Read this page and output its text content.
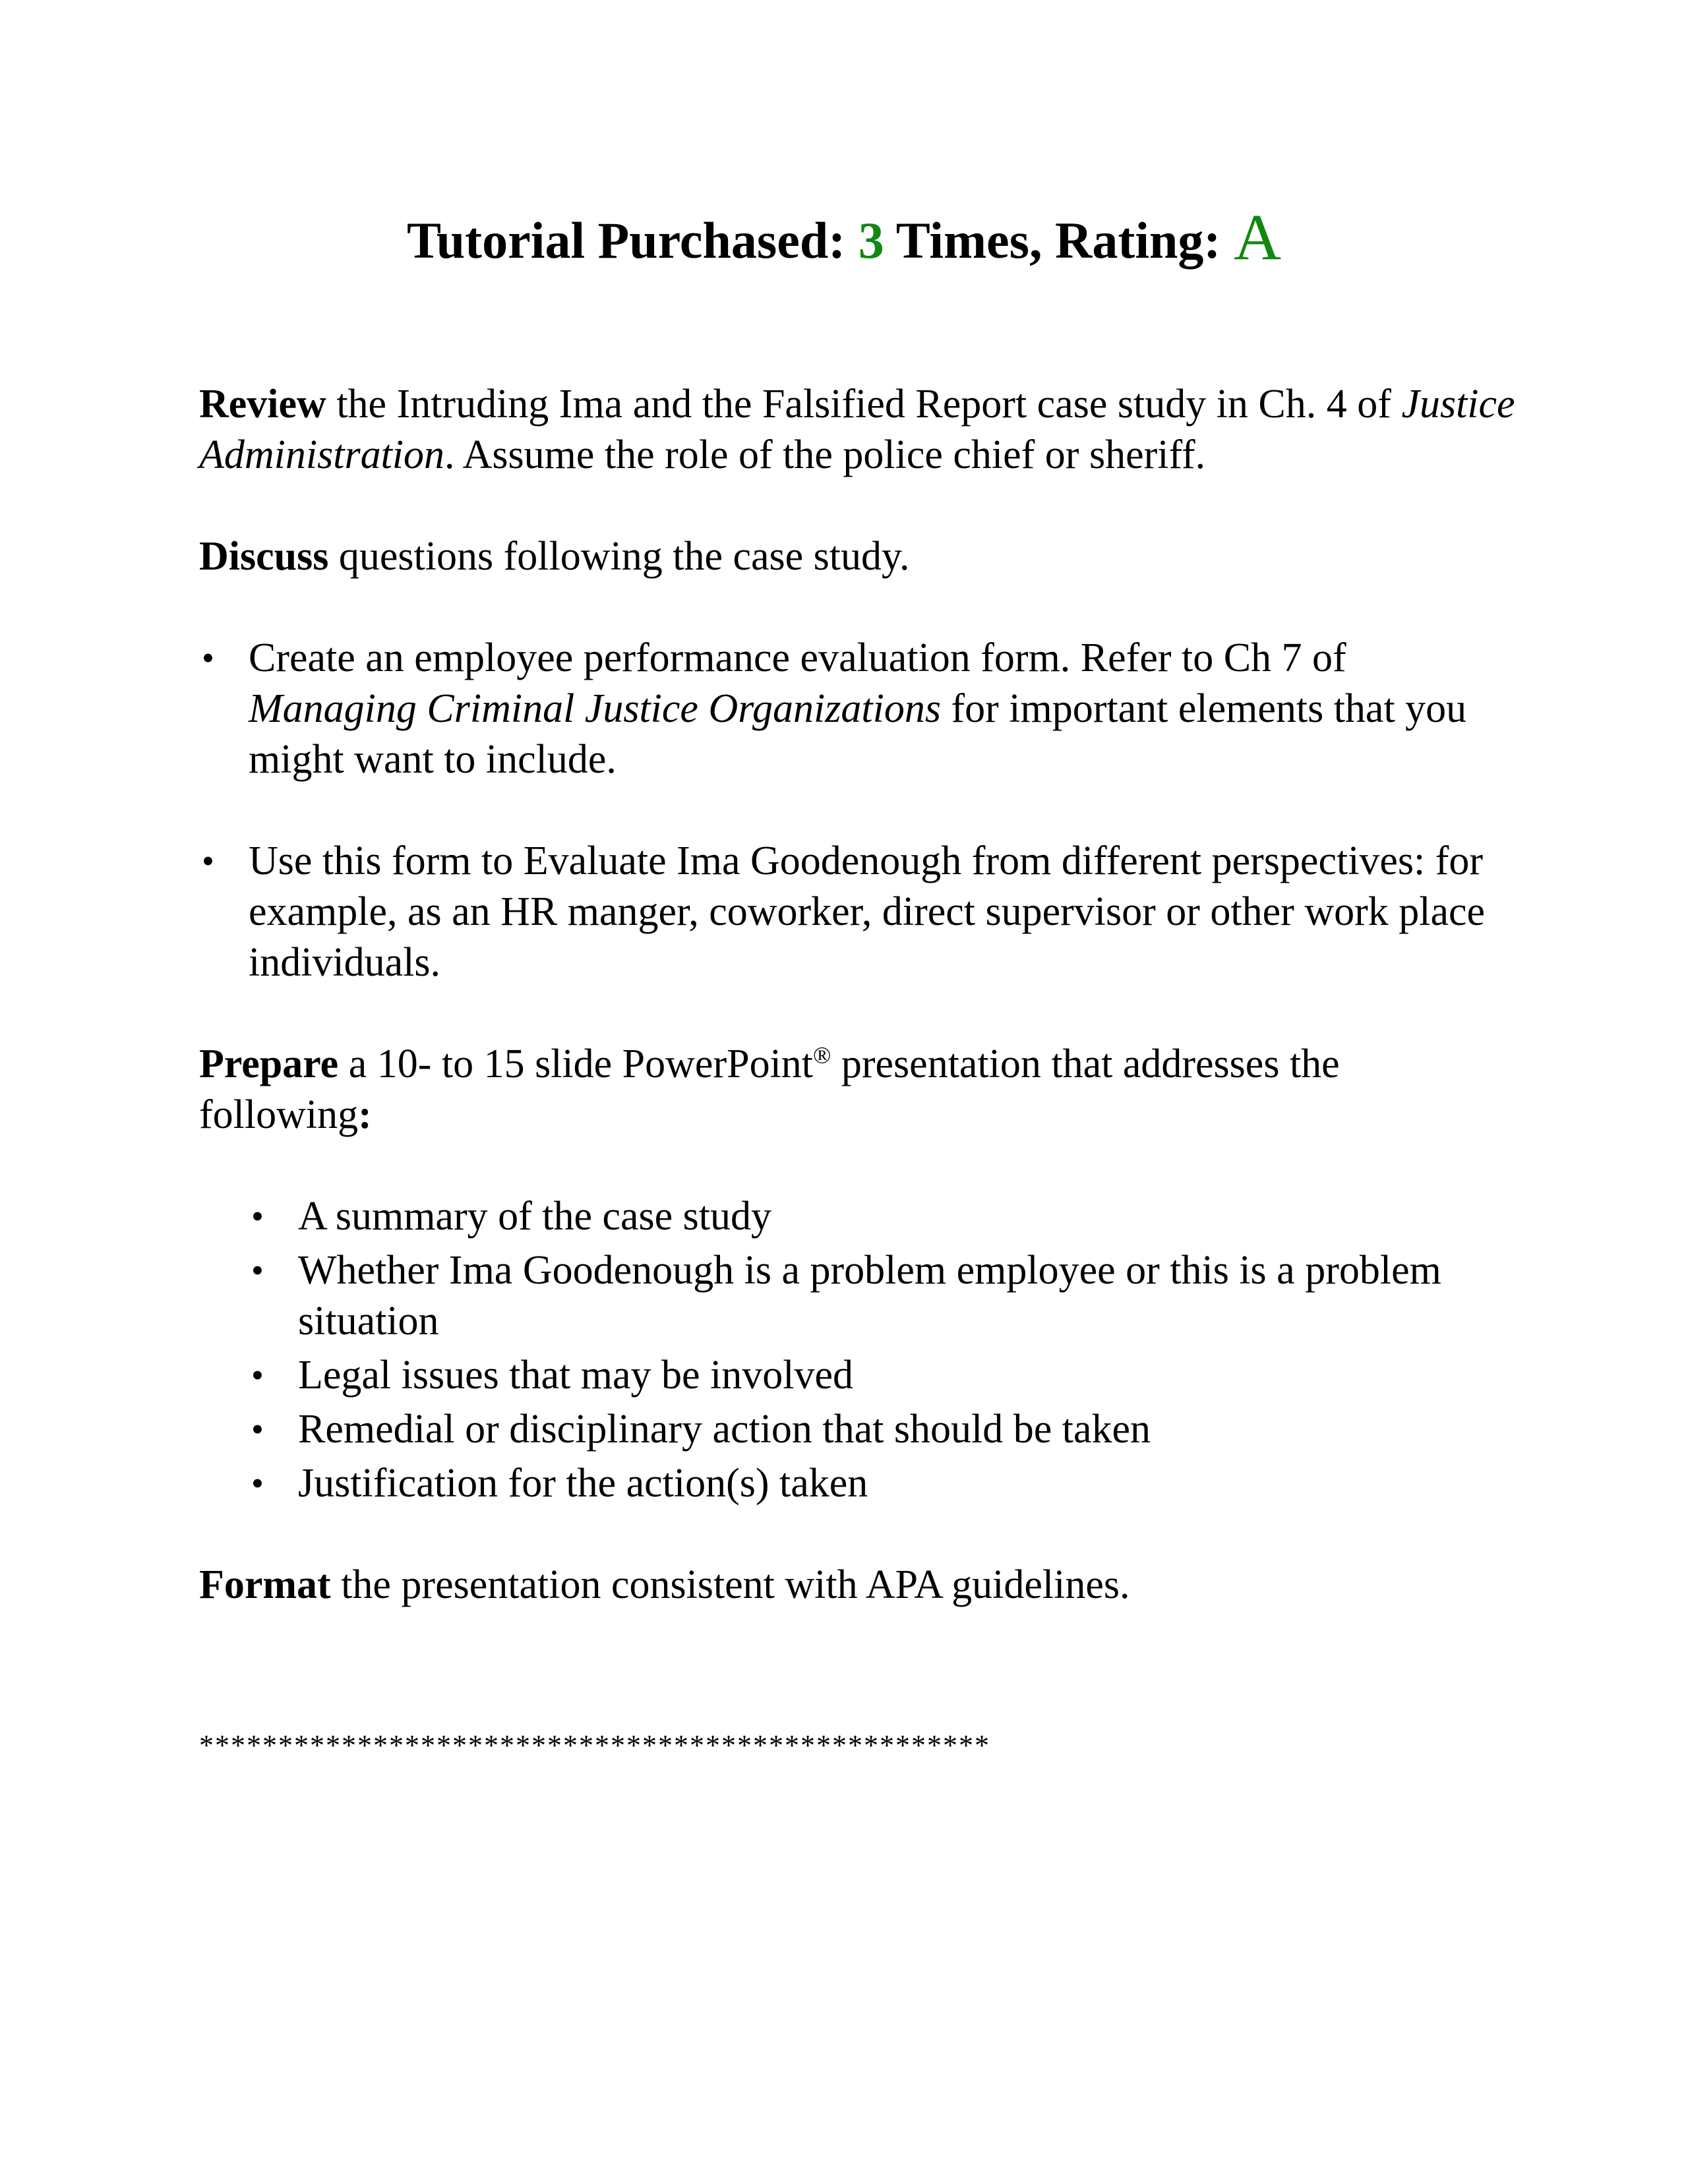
Tutorial Purchased: 3 Times, Rating: A

Review the Intruding Ima and the Falsified Report case study in Ch. 4 of Justice Administration. Assume the role of the police chief or sheriff.

Discuss questions following the case study.

• Create an employee performance evaluation form. Refer to Ch 7 of Managing Criminal Justice Organizations for important elements that you might want to include.
• Use this form to Evaluate Ima Goodenough from different perspectives: for example, as an HR manger, coworker, direct supervisor or other work place individuals.

Prepare a 10- to 15 slide PowerPoint® presentation that addresses the following:

• A summary of the case study
• Whether Ima Goodenough is a problem employee or this is a problem situation
• Legal issues that may be involved
• Remedial or disciplinary action that should be taken
• Justification for the action(s) taken

Format the presentation consistent with APA guidelines.

**************************************************
